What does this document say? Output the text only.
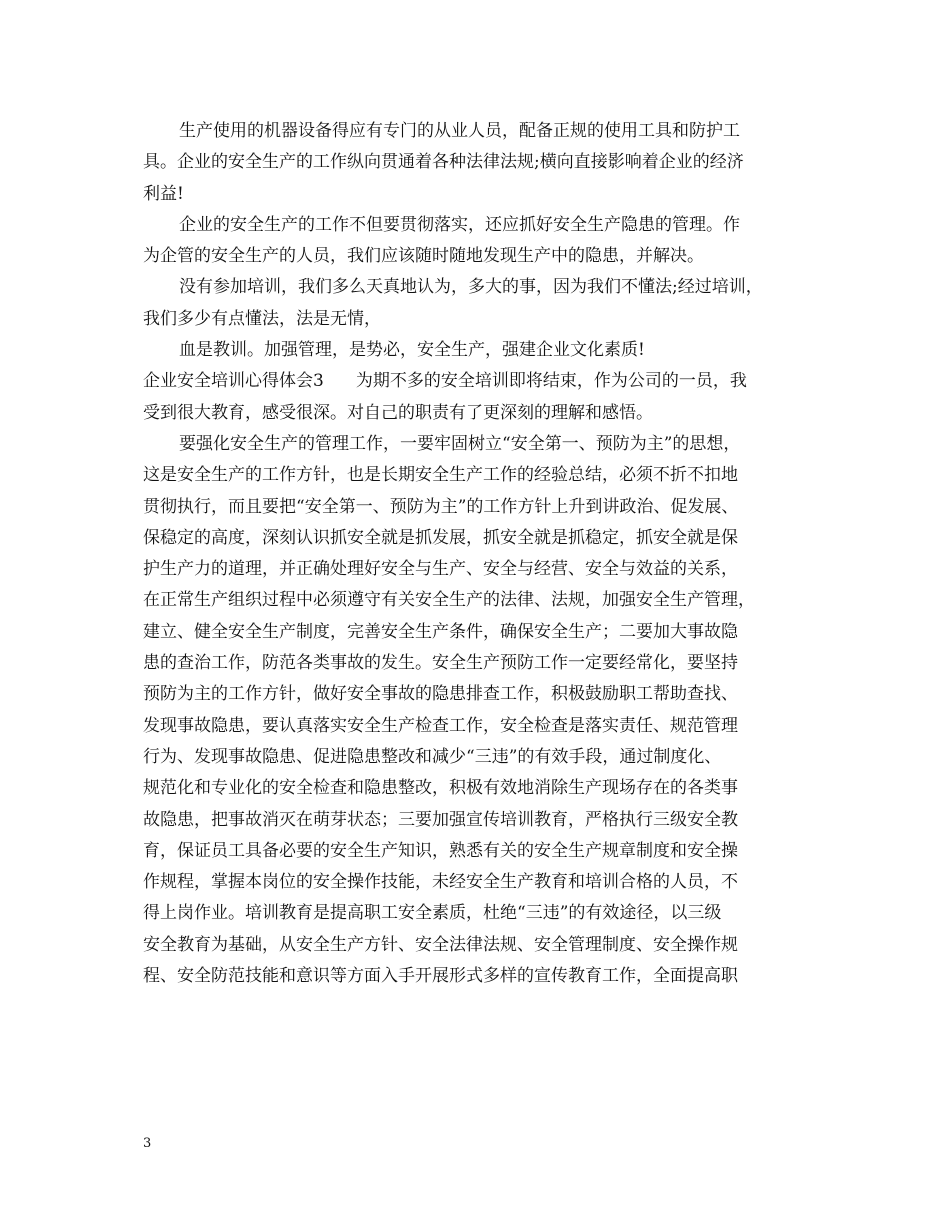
生产使用的机器设备得应有专门的从业人员，配备正规的使用工具和防护工
具。企业的安全生产的工作纵向贯通着各种法律法规;横向直接影响着企业的经济
利益!
企业的安全生产的工作不但要贯彻落实，还应抓好安全生产隐患的管理。作
为企管的安全生产的人员，我们应该随时随地发现生产中的隐患，并解决。
没有参加培训，我们多么天真地认为，多大的事，因为我们不懂法;经过培训，
我们多少有点懂法，法是无情，
血是教训。加强管理，是势必，安全生产，强建企业文化素质!
企业安全培训心得体会3 为期不多的安全培训即将结束，作为公司的一员，我
受到很大教育，感受很深。对自己的职责有了更深刻的理解和感悟。
要强化安全生产的管理工作，一要牢固树立“安全第一、预防为主”的思想，
这是安全生产的工作方针，也是长期安全生产工作的经验总结，必须不折不扣地
贯彻执行，而且要把“安全第一、预防为主”的工作方针上升到讲政治、促发展、
保稳定的高度，深刻认识抓安全就是抓发展，抓安全就是抓稳定，抓安全就是保
护生产力的道理，并正确处理好安全与生产、安全与经营、安全与效益的关系，
在正常生产组织过程中必须遵守有关安全生产的法律、法规，加强安全生产管理，
建立、健全安全生产制度，完善安全生产条件，确保安全生产；二要加大事故隐
患的查治工作，防范各类事故的发生。安全生产预防工作一定要经常化，要坚持
预防为主的工作方针，做好安全事故的隐患排查工作，积极鼓励职工帮助查找、
发现事故隐患，要认真落实安全生产检查工作，安全检查是落实责任、规范管理
行为、发现事故隐患、促进隐患整改和减少“三违”的有效手段，通过制度化、
规范化和专业化的安全检查和隐患整改，积极有效地消除生产现场存在的各类事
故隐患，把事故消灭在萌芽状态；三要加强宣传培训教育，严格执行三级安全教
育，保证员工具备必要的安全生产知识，熟悉有关的安全生产规章制度和安全操
作规程，掌握本岗位的安全操作技能，未经安全生产教育和培训合格的人员，不
得上岗作业。培训教育是提高职工安全素质，杜绝“三违”的有效途径，以三级
安全教育为基础，从安全生产方针、安全法律法规、安全管理制度、安全操作规
程、安全防范技能和意识等方面入手开展形式多样的宣传教育工作，全面提高职
3
